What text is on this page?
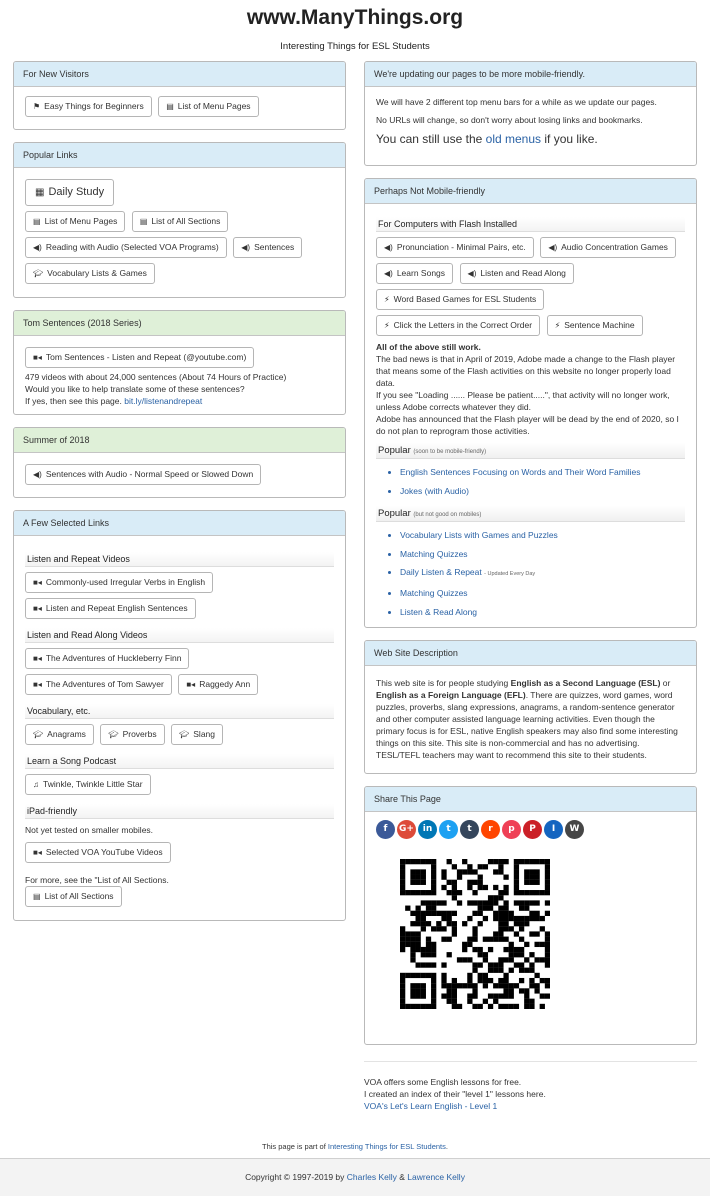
www.ManyThings.org
Interesting Things for ESL Students
For New Visitors
⚑ Easy Things for Beginners	▤ List of Menu Pages
Popular Links
▦ Daily Study
▤ List of Menu Pages	▤ List of All Sections
◀) Reading with Audio (Selected VOA Programs)	◀) Sentences
🎓︎ Vocabulary Lists & Games
Tom Sentences (2018 Series)
■◂ Tom Sentences - Listen and Repeat (@youtube.com)
479 videos with about 24,000 sentences (About 74 Hours of Practice)
Would you like to help translate some of these sentences?
If yes, then see this page. bit.ly/listenandrepeat
Summer of 2018
◀) Sentences with Audio - Normal Speed or Slowed Down
A Few Selected Links
Listen and Repeat Videos
■◂ Commonly-used Irregular Verbs in English
■◂ Listen and Repeat English Sentences
Listen and Read Along Videos
■◂ The Adventures of Huckleberry Finn
■◂ The Adventures of Tom Sawyer	■◂ Raggedy Ann
Vocabulary, etc.
🎓︎ Anagrams	🎓︎ Proverbs	🎓︎ Slang
Learn a Song Podcast
♫ Twinkle, Twinkle Little Star
iPad-friendly
Not yet tested on smaller mobiles.
■◂ Selected VOA YouTube Videos
For more, see the "List of All Sections.
▤ List of All Sections
We're updating our pages to be more mobile-friendly.
We will have 2 different top menu bars for a while as we update our pages.
No URLs will change, so don't worry about losing links and bookmarks.
You can still use the old menus if you like.
Perhaps Not Mobile-friendly
For Computers with Flash Installed
◀) Pronunciation - Minimal Pairs, etc.	◀) Audio Concentration Games
◀) Learn Songs	◀) Listen and Read Along
⚡︎ Word Based Games for ESL Students
⚡︎ Click the Letters in the Correct Order	⚡︎ Sentence Machine
All of the above still work.
The bad news is that in April of 2019, Adobe made a change to the Flash player that means some of the Flash activities on this website no longer properly load data.
If you see "Loading ...... Please be patient.....", that activity will no longer work, unless Adobe corrects whatever they did.
Adobe has announced that the Flash player will be dead by the end of 2020, so I do not plan to reprogram those activities.
Popular (soon to be mobile-friendly)
• English Sentences Focusing on Words and Their Word Families
• Jokes (with Audio)
Popular (but not good on mobiles)
• Vocabulary Lists with Games and Puzzles
• Matching Quizzes
• Daily Listen & Repeat - Updated Every Day
• Matching Quizzes
• Listen & Read Along
Web Site Description
This web site is for people studying English as a Second Language (ESL) or English as a Foreign Language (EFL). There are quizzes, word games, word puzzles, proverbs, slang expressions, anagrams, a random-sentence generator and other computer assisted language learning activities. Even though the primary focus is for ESL, native English speakers may also find some interesting things on this site. This site is non-commercial and has no advertising. TESL/TEFL teachers may want to recommend this site to their students.
Share This Page
f G+ in t t r p P I W
VOA offers some English lessons for free.
I created an index of their "level 1" lessons here.
VOA's Let's Learn English - Level 1
This page is part of Interesting Things for ESL Students.
Copyright © 1997-2019 by Charles Kelly & Lawrence Kelly
